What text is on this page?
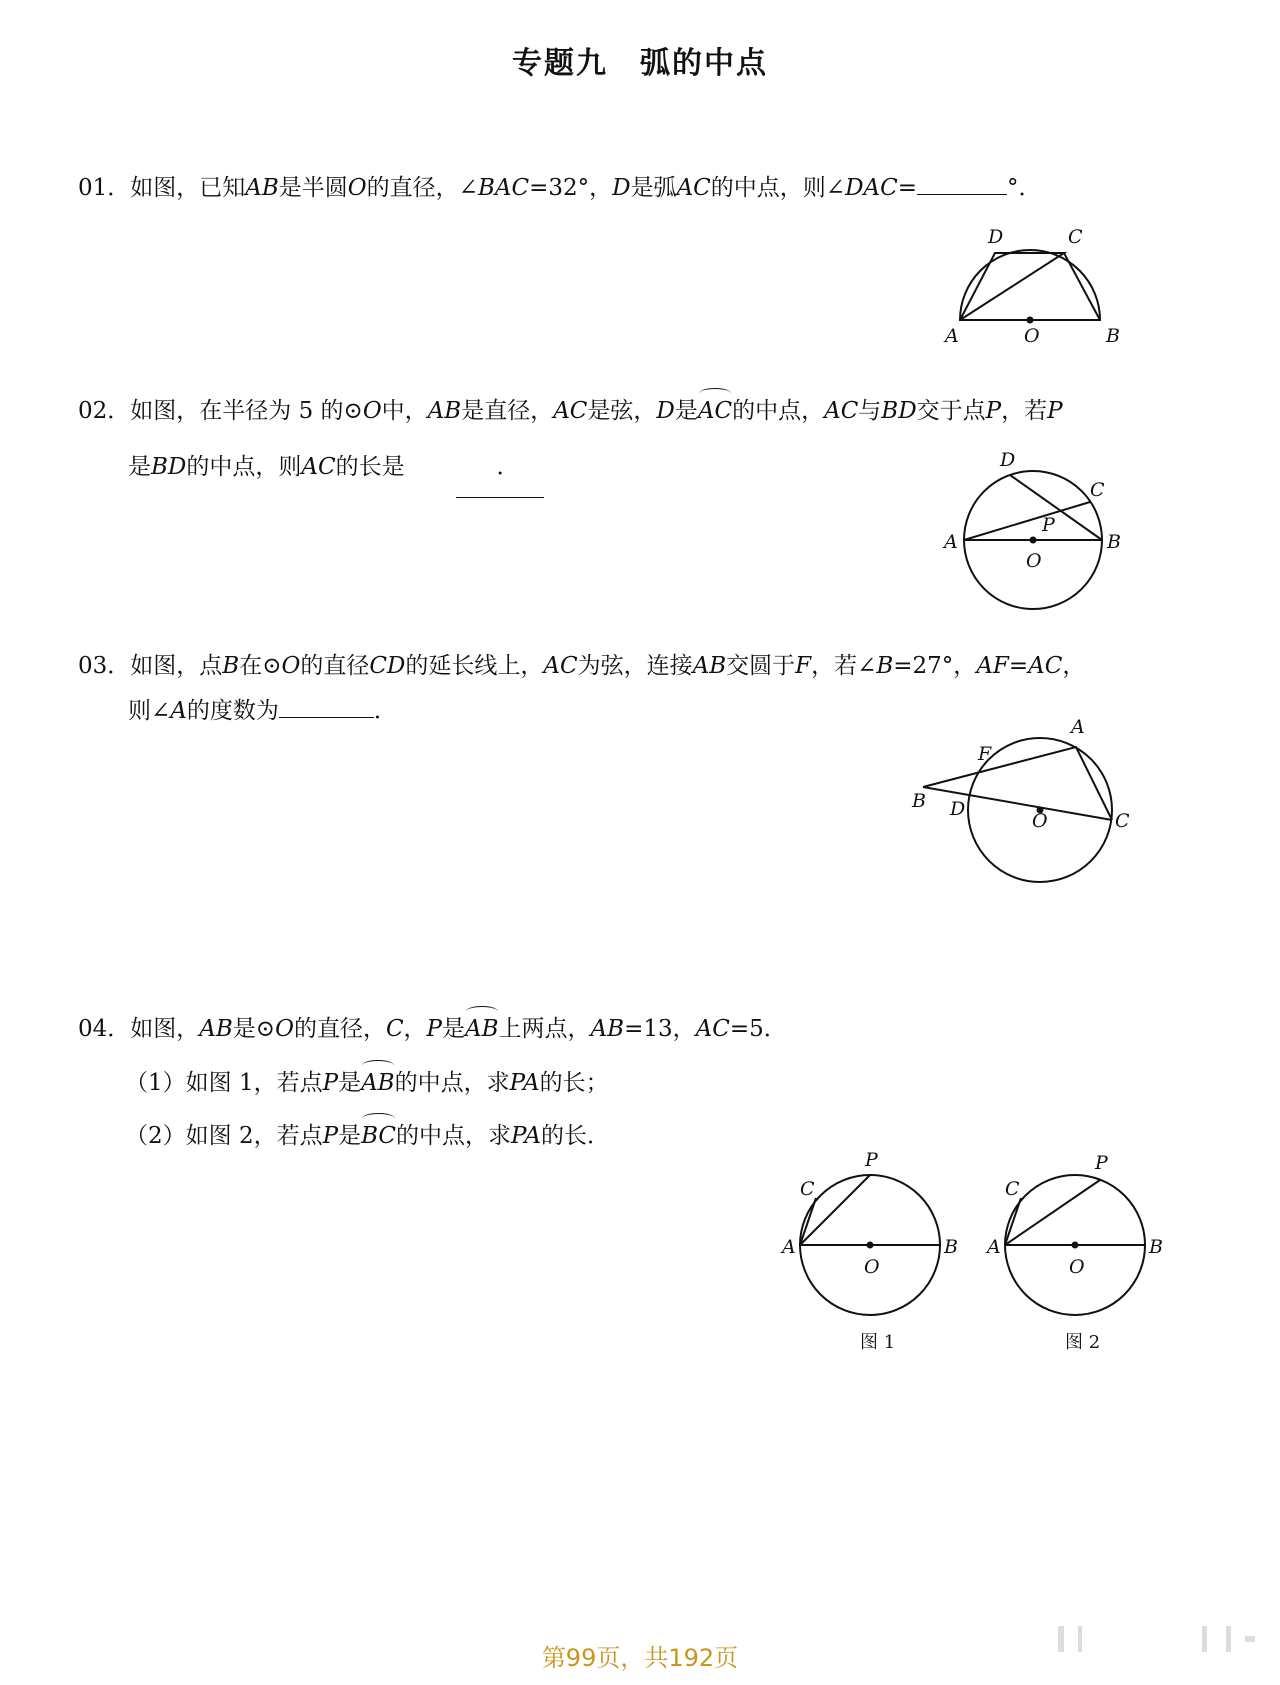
专题九　弧的中点
01．如图，已知AB是半圆O的直径，∠BAC=32°，D是弧AC的中点，则∠DAC=	°．
D	C
A	O	B
02．如图，在半径为 5 的⊙O中，AB是直径，AC是弦，D是AC的中点，AC与BD交于点P，若P
是BD的中点，则AC的长是	．	D
C
P
A	B
O
03．如图，点B在⊙O的直径CD的延长线上，AC为弦，连接AB交圆于F，若∠B=27°，AF=AC，
则∠A的度数为	．
A
F
B D
O	C
04．如图，AB是⊙O的直径，C，P是AB上两点，AB=13，AC=5．
（1）如图 1，若点P是AB的中点，求PA的长；
（2）如图 2，若点P是BC的中点，求PA的长．
P
C
A	B
O
图 1
P
C
A	B
O
图 2
第99页，共192页
